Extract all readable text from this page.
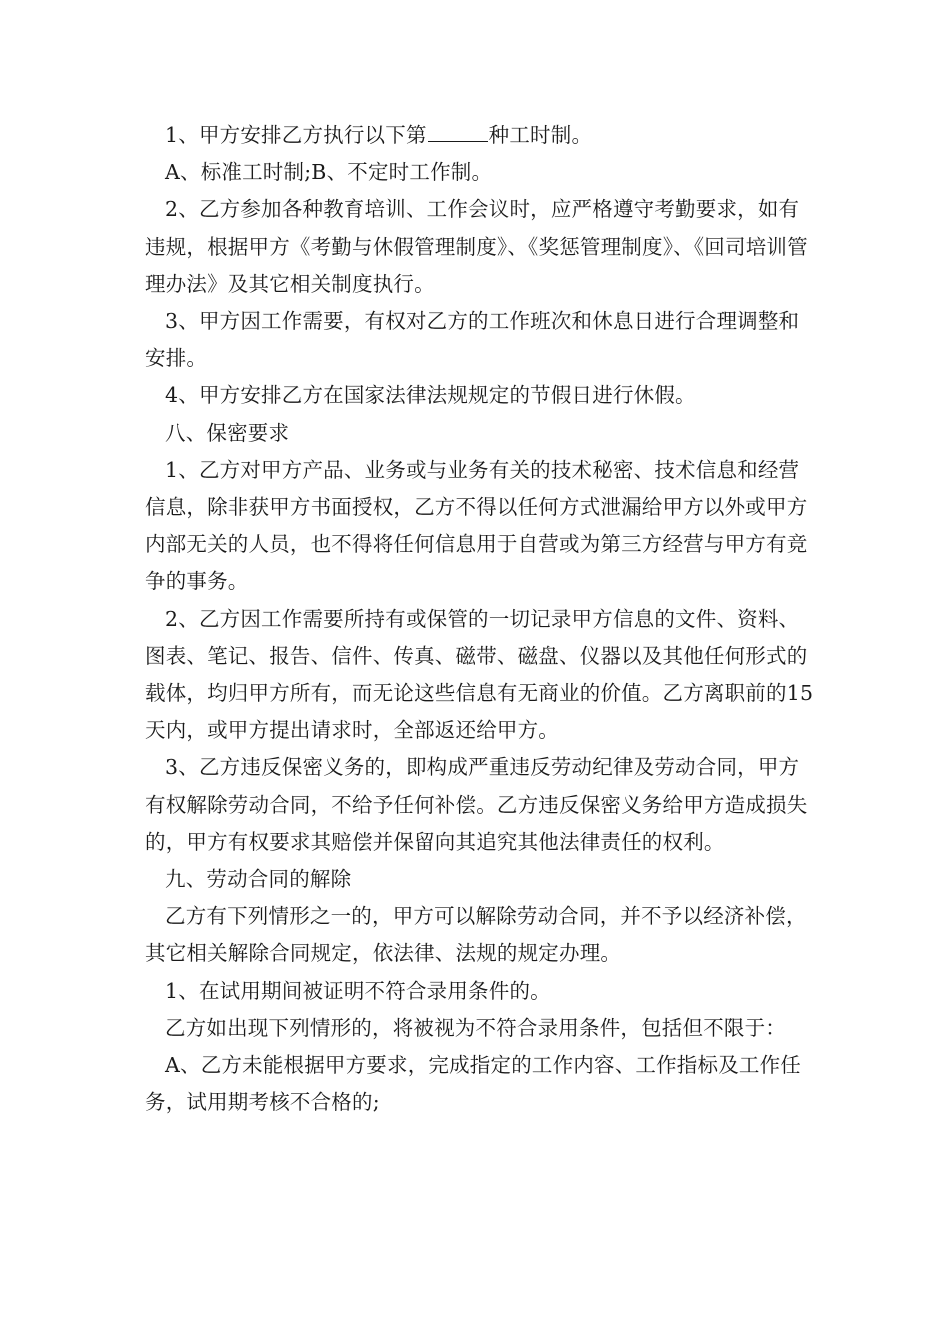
1、甲方安排乙方执行以下第	种工时制。

A、标准工时制;B、不定时工作制。

2、乙方参加各种教育培训、工作会议时，应严格遵守考勤要求，如有违规，根据甲方《考勤与休假管理制度》、《奖惩管理制度》、《回司培训管理办法》及其它相关制度执行。

3、甲方因工作需要，有权对乙方的工作班次和休息日进行合理调整和安排。

4、甲方安排乙方在国家法律法规规定的节假日进行休假。

八、保密要求

1、乙方对甲方产品、业务或与业务有关的技术秘密、技术信息和经营信息，除非获甲方书面授权，乙方不得以任何方式泄漏给甲方以外或甲方内部无关的人员，也不得将任何信息用于自营或为第三方经营与甲方有竞争的事务。

2、乙方因工作需要所持有或保管的一切记录甲方信息的文件、资料、图表、笔记、报告、信件、传真、磁带、磁盘、仪器以及其他任何形式的载体，均归甲方所有，而无论这些信息有无商业的价值。乙方离职前的15天内，或甲方提出请求时，全部返还给甲方。

3、乙方违反保密义务的，即构成严重违反劳动纪律及劳动合同，甲方有权解除劳动合同，不给予任何补偿。乙方违反保密义务给甲方造成损失的，甲方有权要求其赔偿并保留向其追究其他法律责任的权利。

九、劳动合同的解除

乙方有下列情形之一的，甲方可以解除劳动合同，并不予以经济补偿，其它相关解除合同规定，依法律、法规的规定办理。

1、在试用期间被证明不符合录用条件的。

乙方如出现下列情形的，将被视为不符合录用条件，包括但不限于：

A、乙方未能根据甲方要求，完成指定的工作内容、工作指标及工作任务，试用期考核不合格的;
